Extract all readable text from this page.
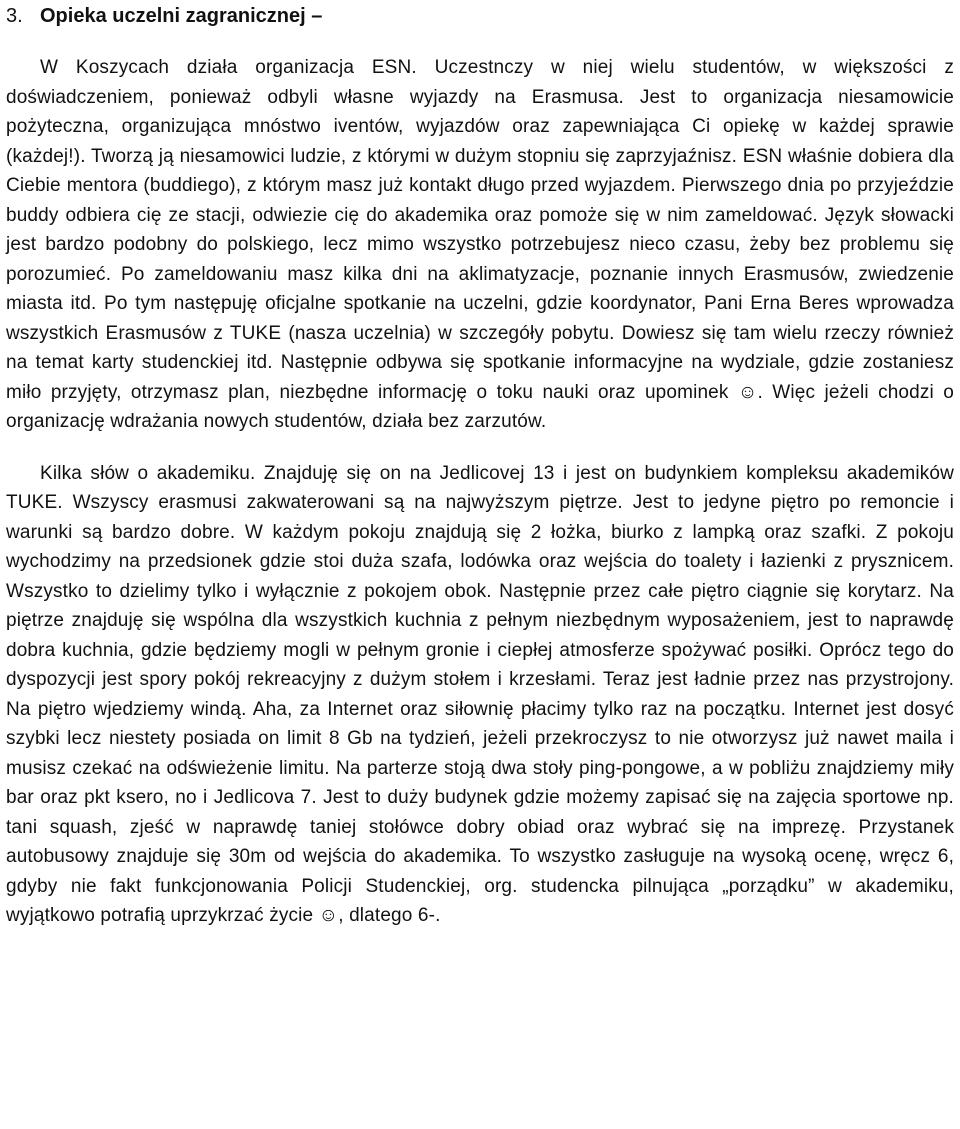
3. Opieka uczelni zagranicznej –

W Koszycach działa organizacja ESN. Uczestnczy w niej wielu studentów, w większości z doświadczeniem, ponieważ odbyli własne wyjazdy na Erasmusa. Jest to organizacja niesamowicie pożyteczna, organizująca mnóstwo iventów, wyjazdów oraz zapewniająca Ci opiekę w każdej sprawie (każdej!). Tworzą ją niesamowici ludzie, z którymi w dużym stopniu się zaprzyjaźnisz. ESN właśnie dobiera dla Ciebie mentora (buddiego), z którym masz już kontakt długo przed wyjazdem. Pierwszego dnia po przyjeździe buddy odbiera cię ze stacji, odwiezie cię do akademika oraz pomoże się w nim zameldować. Język słowacki jest bardzo podobny do polskiego, lecz mimo wszystko potrzebujesz nieco czasu, żeby bez problemu się porozumieć. Po zameldowaniu masz kilka dni na aklimatyzacje, poznanie innych Erasmusów, zwiedzenie miasta itd. Po tym następuję oficjalne spotkanie na uczelni, gdzie koordynator, Pani Erna Beres wprowadza wszystkich Erasmusów z TUKE (nasza uczelnia) w szczegóły pobytu. Dowiesz się tam wielu rzeczy również na temat karty studenckiej itd. Następnie odbywa się spotkanie informacyjne na wydziale, gdzie zostaniesz miło przyjęty, otrzymasz plan, niezbędne informację o toku nauki oraz upominek ☺. Więc jeżeli chodzi o organizację wdrażania nowych studentów, działa bez zarzutów.

Kilka słów o akademiku. Znajduję się on na Jedlicovej 13 i jest on budynkiem kompleksu akademików TUKE. Wszyscy erasmusi zakwaterowani są na najwyższym piętrze. Jest to jedyne piętro po remoncie i warunki są bardzo dobre. W każdym pokoju znajdują się 2 łożka, biurko z lampką oraz szafki. Z pokoju wychodzimy na przedsionek gdzie stoi duża szafa, lodówka oraz wejścia do toalety i łazienki z prysznicem. Wszystko to dzielimy tylko i wyłącznie z pokojem obok. Następnie przez całe piętro ciągnie się korytarz. Na piętrze znajduję się wspólna dla wszystkich kuchnia z pełnym niezbędnym wyposażeniem, jest to naprawdę dobra kuchnia, gdzie będziemy mogli w pełnym gronie i ciepłej atmosferze spożywać posiłki. Oprócz tego do dyspozycji jest spory pokój rekreacyjny z dużym stołem i krzesłami. Teraz jest ładnie przez nas przystrojony. Na piętro wjedziemy windą. Aha, za Internet oraz siłownię płacimy tylko raz na początku. Internet jest dosyć szybki lecz niestety posiada on limit 8 Gb na tydzień, jeżeli przekroczysz to nie otworzysz już nawet maila i musisz czekać na odświeżenie limitu. Na parterze stoją dwa stoły ping-pongowe, a w pobliżu znajdziemy miły bar oraz pkt ksero, no i Jedlicova 7. Jest to duży budynek gdzie możemy zapisać się na zajęcia sportowe np. tani squash, zjeść w naprawdę taniej stołówce dobry obiad oraz wybrać się na imprezę. Przystanek autobusowy znajduje się 30m od wejścia do akademika. To wszystko zasługuje na wysoką ocenę, wręcz 6, gdyby nie fakt funkcjonowania Policji Studenckiej, org. studencka pilnująca „porządku” w akademiku, wyjątkowo potrafią uprzykrzać życie ☺, dlatego 6-.
